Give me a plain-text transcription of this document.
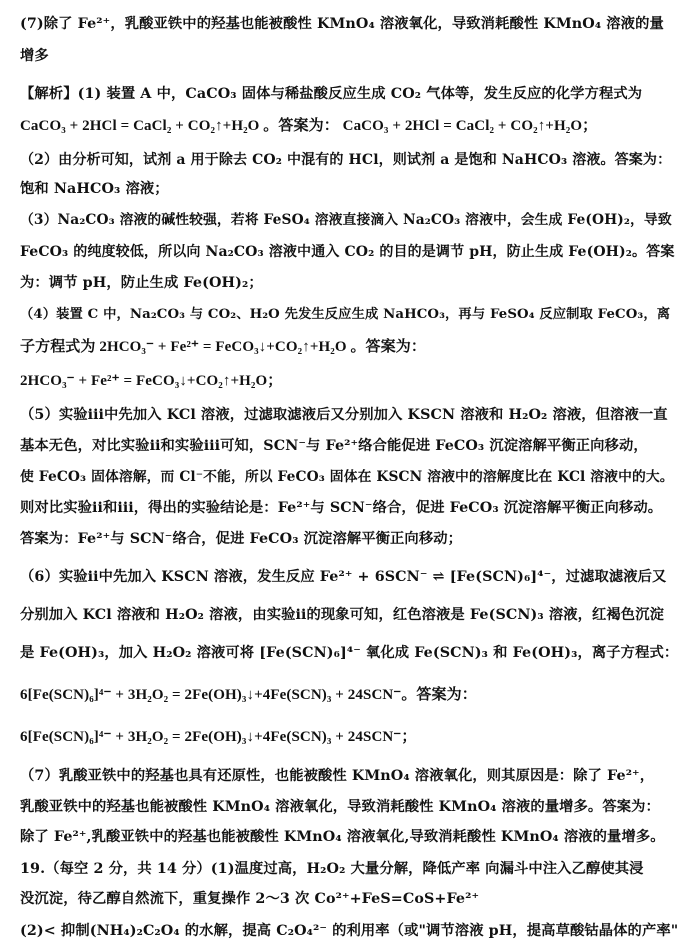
(7)除了 Fe²⁺，乳酸亚铁中的羟基也能被酸性 KMnO₄ 溶液氧化，导致消耗酸性 KMnO₄ 溶液的量
增多
【解析】(1) 装置 A 中，CaCO₃ 固体与稀盐酸反应生成 CO₂ 气体等，发生反应的化学方程式为
CaCO₃ + 2HCl = CaCl₂ + CO₂↑+H₂O 。答案为： CaCO₃ + 2HCl = CaCl₂ + CO₂↑+H₂O；
（2）由分析可知，试剂 a 用于除去 CO₂ 中混有的 HCl，则试剂 a 是饱和 NaHCO₃ 溶液。答案为：
饱和 NaHCO₃ 溶液；
（3）Na₂CO₃ 溶液的碱性较强，若将 FeSO₄ 溶液直接滴入 Na₂CO₃ 溶液中，会生成 Fe(OH)₂，导致
FeCO₃ 的纯度较低，所以向 Na₂CO₃ 溶液中通入 CO₂ 的目的是调节 pH，防止生成 Fe(OH)₂。答案
为：调节 pH，防止生成 Fe(OH)₂；
（4）装置 C 中，Na₂CO₃ 与 CO₂、H₂O 先发生反应生成 NaHCO₃，再与 FeSO₄ 反应制取 FeCO₃，离
子方程式为 2HCO₃⁻ + Fe²⁺ = FeCO₃↓+CO₂↑+H₂O 。答案为：
2HCO₃⁻ + Fe²⁺ = FeCO₃↓+CO₂↑+H₂O；
（5）实验ⅲ中先加入 KCl 溶液，过滤取滤液后又分别加入 KSCN 溶液和 H₂O₂ 溶液，但溶液一直
基本无色，对比实验ⅱ和实验ⅲ可知，SCN⁻与 Fe²⁺络合能促进 FeCO₃ 沉淀溶解平衡正向移动，
使 FeCO₃ 固体溶解，而 Cl⁻不能，所以 FeCO₃ 固体在 KSCN 溶液中的溶解度比在 KCl 溶液中的大。
则对比实验ⅱ和ⅲ，得出的实验结论是：Fe²⁺与 SCN⁻络合，促进 FeCO₃ 沉淀溶解平衡正向移动。
答案为：Fe²⁺与 SCN⁻络合，促进 FeCO₃ 沉淀溶解平衡正向移动；
（6）实验ⅱ中先加入 KSCN 溶液，发生反应 Fe²⁺ + 6SCN⁻ ⇌ [Fe(SCN)₆]⁴⁻，过滤取滤液后又
分别加入 KCl 溶液和 H₂O₂ 溶液，由实验ⅱ的现象可知，红色溶液是 Fe(SCN)₃ 溶液，红褐色沉淀
是 Fe(OH)₃，加入 H₂O₂ 溶液可将 [Fe(SCN)₆]⁴⁻ 氧化成 Fe(SCN)₃ 和 Fe(OH)₃，离子方程式：
6[Fe(SCN)₆]⁴⁻ + 3H₂O₂ = 2Fe(OH)₃↓+4Fe(SCN)₃ + 24SCN⁻。答案为：
6[Fe(SCN)₆]⁴⁻ + 3H₂O₂ = 2Fe(OH)₃↓+4Fe(SCN)₃ + 24SCN⁻；
（7）乳酸亚铁中的羟基也具有还原性，也能被酸性 KMnO₄ 溶液氧化，则其原因是：除了 Fe²⁺，
乳酸亚铁中的羟基也能被酸性 KMnO₄ 溶液氧化，导致消耗酸性 KMnO₄ 溶液的量增多。答案为：
除了 Fe²⁺,乳酸亚铁中的羟基也能被酸性 KMnO₄ 溶液氧化,导致消耗酸性 KMnO₄ 溶液的量增多。
19.（每空 2 分，共 14 分）(1)温度过高，H₂O₂ 大量分解，降低产率 向漏斗中注入乙醇使其浸
没沉淀，待乙醇自然流下，重复操作 2～3 次 Co²⁺+FeS=CoS+Fe²⁺
(2)< 抑制(NH₄)₂C₂O₄ 的水解，提高 C₂O₄²⁻ 的利用率（或"调节溶液 pH，提高草酸钴晶体的产率"
